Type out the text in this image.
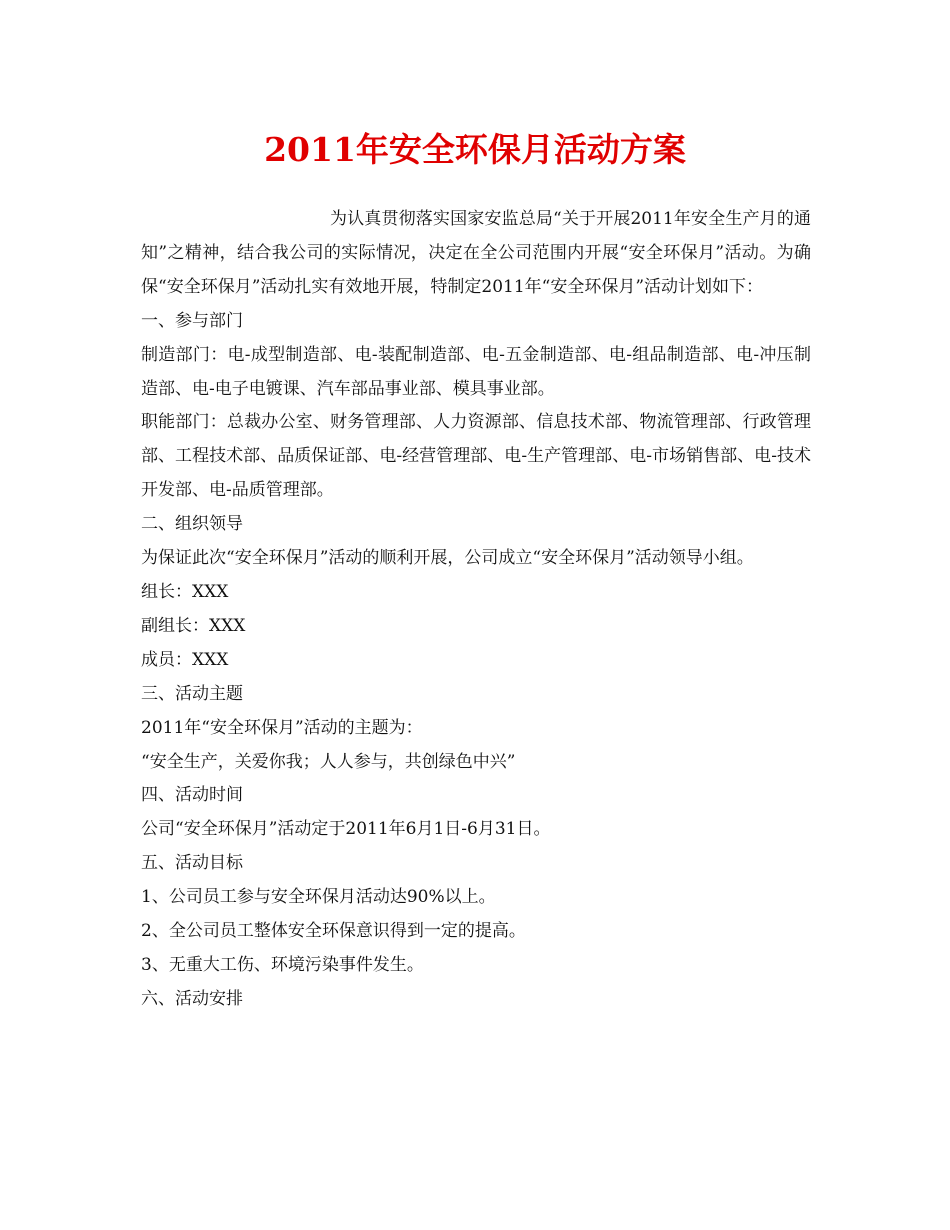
2011年安全环保月活动方案

为认真贯彻落实国家安监总局“关于开展2011年安全生产月的通知”之精神，结合我公司的实际情况，决定在全公司范围内开展“安全环保月”活动。为确保“安全环保月”活动扎实有效地开展，特制定2011年“安全环保月”活动计划如下：

一、参与部门

制造部门：电-成型制造部、电-装配制造部、电-五金制造部、电-组品制造部、电-冲压制造部、电-电子电镀课、汽车部品事业部、模具事业部。

职能部门：总裁办公室、财务管理部、人力资源部、信息技术部、物流管理部、行政管理部、工程技术部、品质保证部、电-经营管理部、电-生产管理部、电-市场销售部、电-技术开发部、电-品质管理部。

二、组织领导

为保证此次“安全环保月”活动的顺利开展，公司成立“安全环保月”活动领导小组。

组长：XXX

副组长：XXX

成员：XXX

三、活动主题

2011年“安全环保月”活动的主题为：

“安全生产，关爱你我；人人参与，共创绿色中兴”

四、活动时间

公司“安全环保月”活动定于2011年6月1日-6月31日。

五、活动目标

1、公司员工参与安全环保月活动达90%以上。

2、全公司员工整体安全环保意识得到一定的提高。

3、无重大工伤、环境污染事件发生。

六、活动安排
